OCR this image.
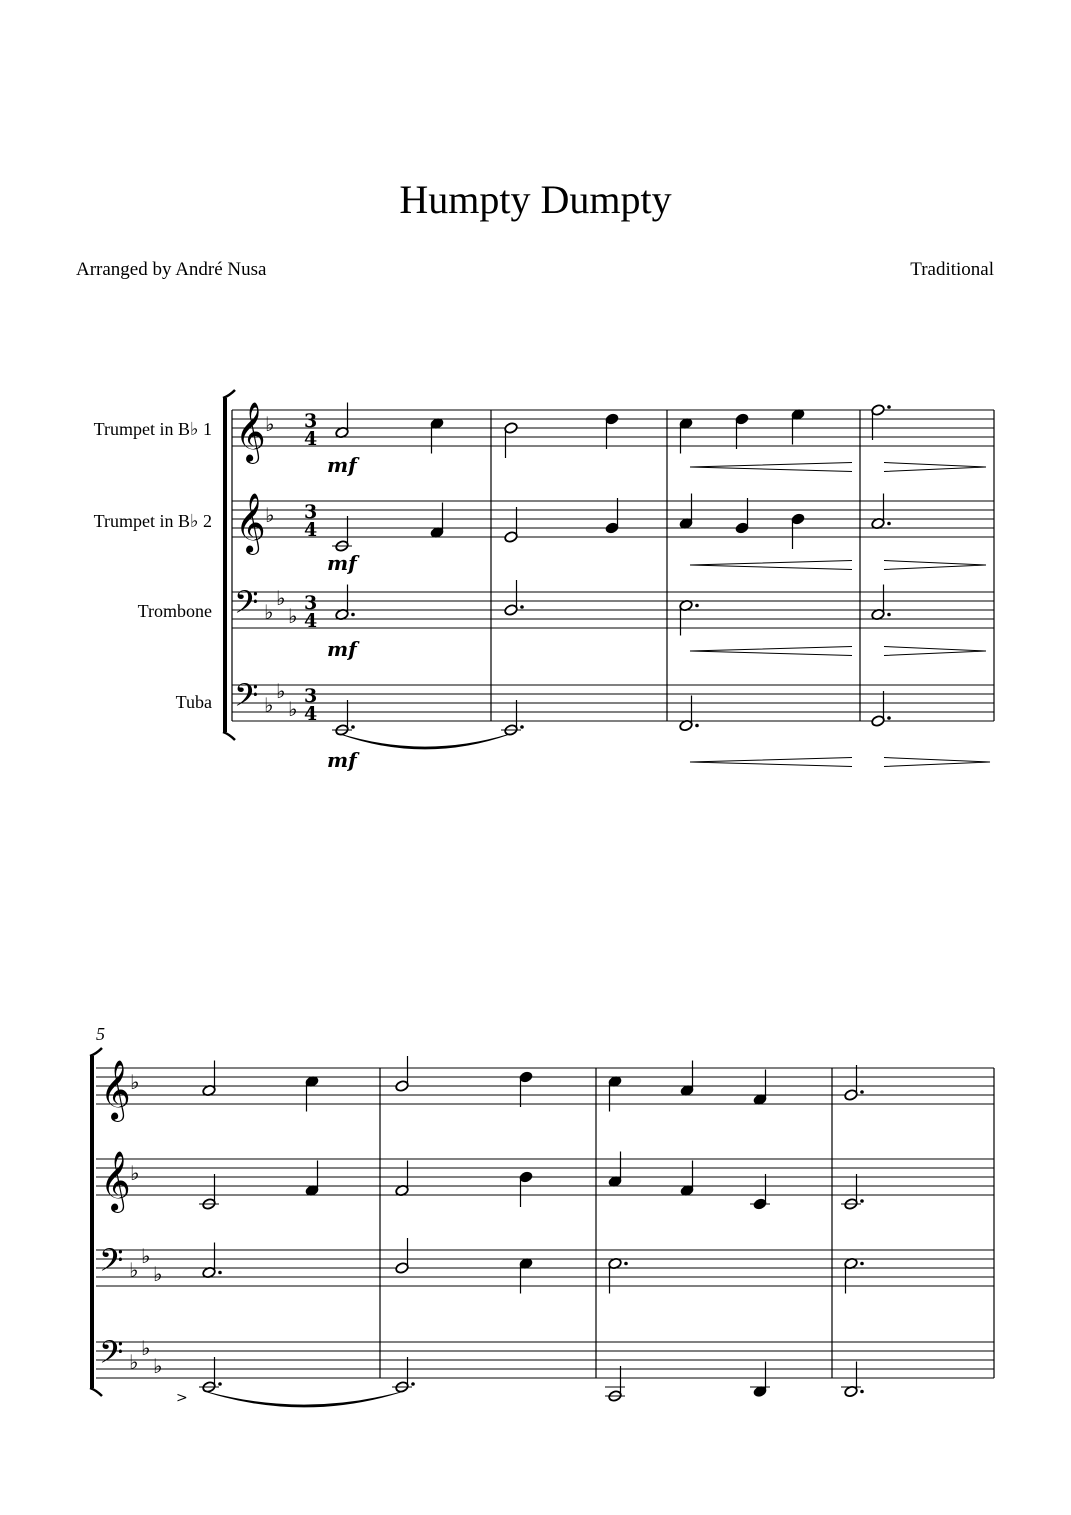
Humpty Dumpty
Arranged by André Nusa	Traditional
Trumpet in B♭ 1
Trumpet in B♭ 2
Trombone
Tuba
5
𝄞
𝄞
𝄢
𝄢
♭
♭
♭
♭
♭
♭
♭
♭
3
4
3
4
3
4
3
4
mf
mf
mf
mf
𝄞
𝄞
𝄢
𝄢
♭
♭
♭
♭
♭
♭
♭
♭
>
